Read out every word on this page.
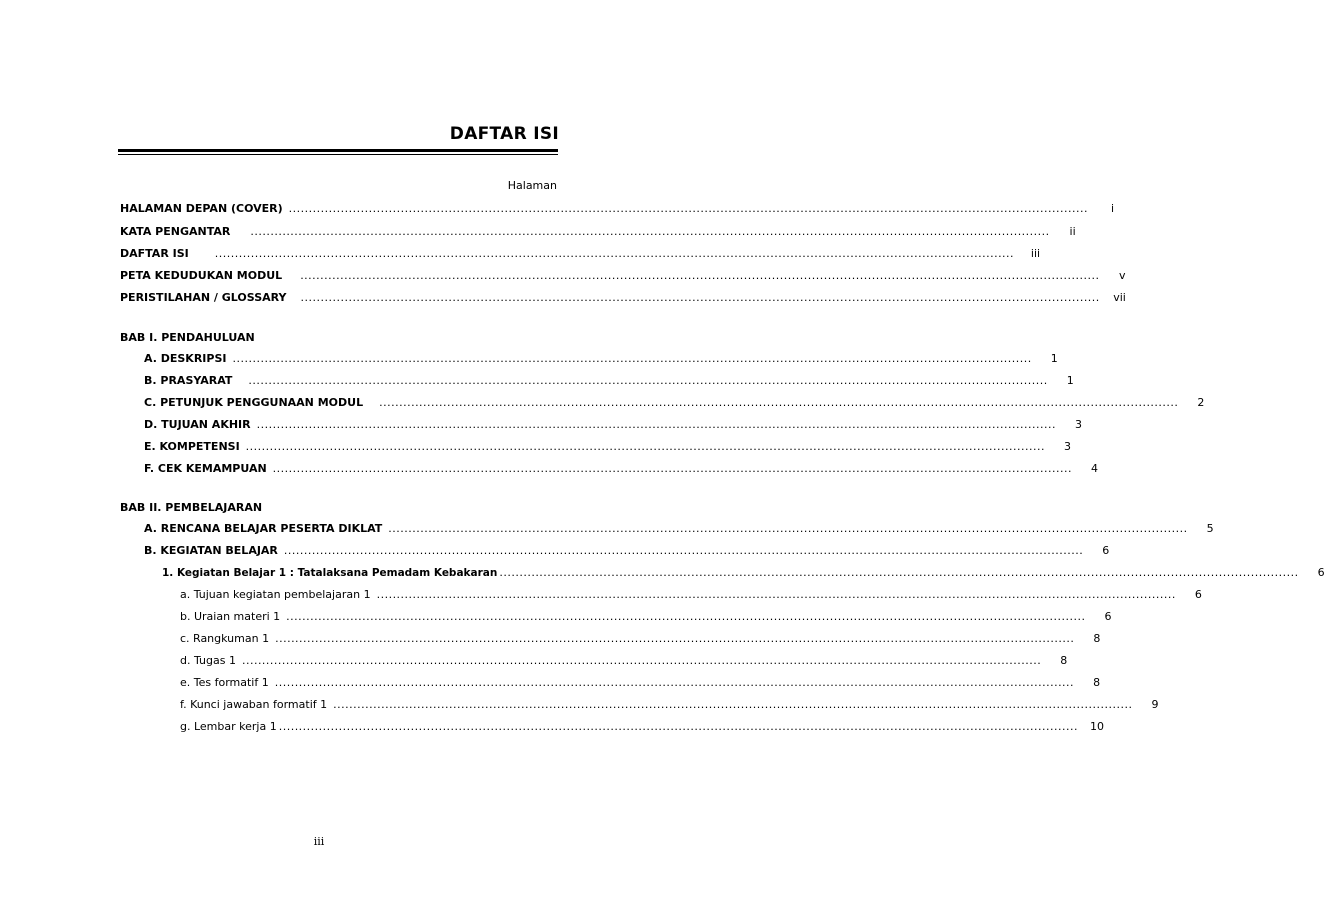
DAFTAR ISI
Halaman
HALAMAN DEPAN (COVER) ........................................................................................................................................................................................................	i
KATA PENGANTAR ........................................................................................................................................................................................................	ii
DAFTAR ISI ........................................................................................................................................................................................................	iii
PETA KEDUDUKAN MODUL ........................................................................................................................................................................................................	v
PERISTILAHAN / GLOSSARY ........................................................................................................................................................................................................	vii
BAB I. PENDAHULUAN
A. DESKRIPSI ........................................................................................................................................................................................................	1
B. PRASYARAT ........................................................................................................................................................................................................	1
C. PETUNJUK PENGGUNAAN MODUL ........................................................................................................................................................................................................	2
D. TUJUAN AKHIR ........................................................................................................................................................................................................	3
E. KOMPETENSI ........................................................................................................................................................................................................	3
F. CEK KEMAMPUAN ........................................................................................................................................................................................................	4
BAB II. PEMBELAJARAN
A. RENCANA BELAJAR PESERTA DIKLAT ........................................................................................................................................................................................................	5
B. KEGIATAN BELAJAR ........................................................................................................................................................................................................	6
1. Kegiatan Belajar 1 : Tatalaksana Pemadam Kebakaran ........................................................................................................................................................................................................	6
a. Tujuan kegiatan pembelajaran 1 ........................................................................................................................................................................................................	6
b. Uraian materi 1 ........................................................................................................................................................................................................	6
c. Rangkuman 1 ........................................................................................................................................................................................................	8
d. Tugas 1 ........................................................................................................................................................................................................	8
e. Tes formatif 1 ........................................................................................................................................................................................................	8
f. Kunci jawaban formatif 1 ........................................................................................................................................................................................................	9
g. Lembar kerja 1 ........................................................................................................................................................................................................	10
iii
